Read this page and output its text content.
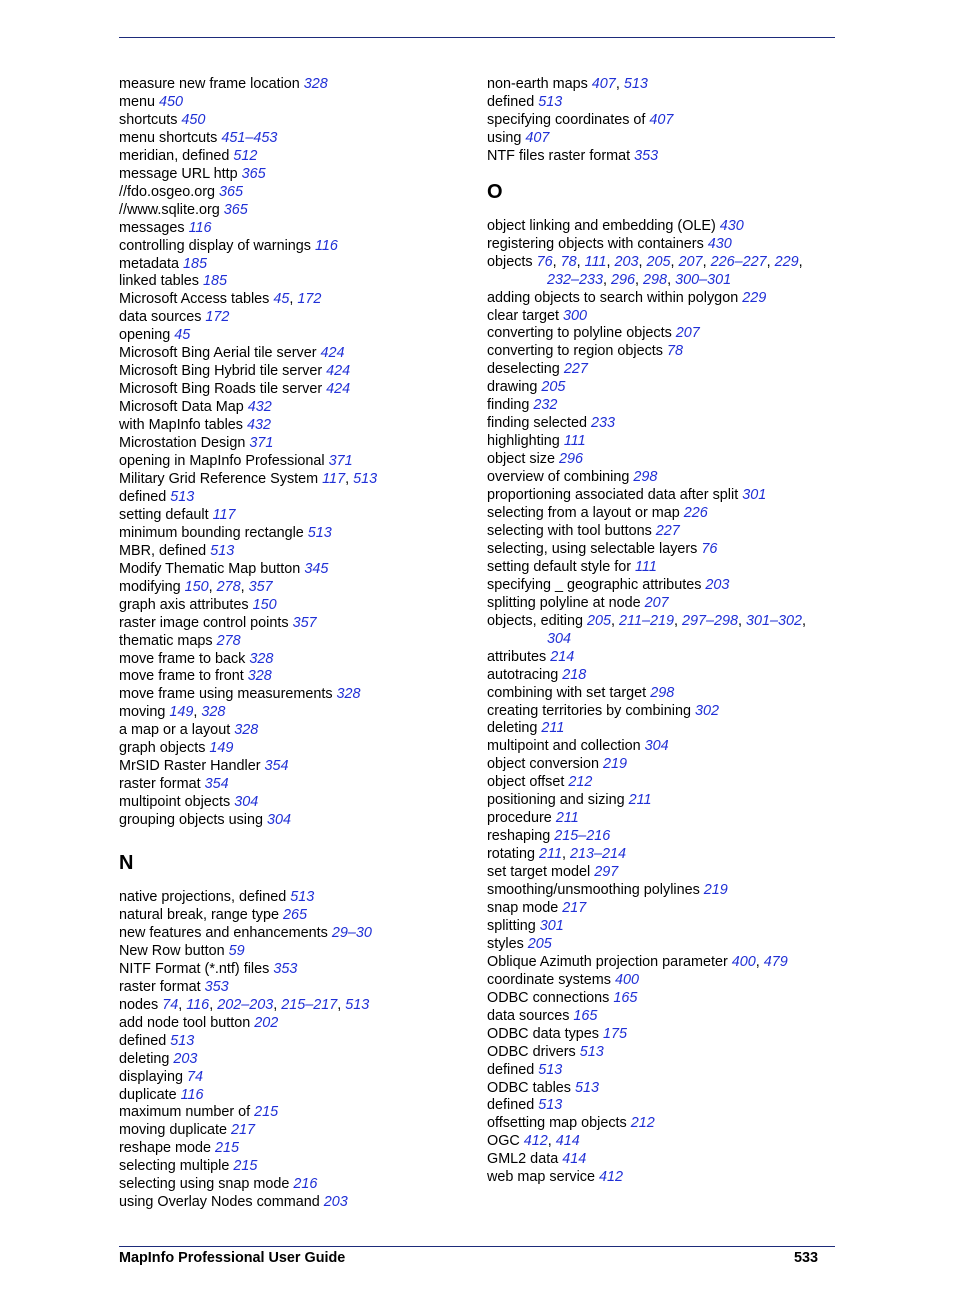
measure new frame location 328
menu 450
shortcuts 450
menu shortcuts 451–453
meridian, defined 512
message URL http 365
//fdo.osgeo.org 365
//www.sqlite.org 365
messages 116
controlling display of warnings 116
metadata 185
linked tables 185
Microsoft Access tables 45, 172
data sources 172
opening 45
Microsoft Bing Aerial tile server 424
Microsoft Bing Hybrid tile server 424
Microsoft Bing Roads tile server 424
Microsoft Data Map 432
with MapInfo tables 432
Microstation Design 371
opening in MapInfo Professional 371
Military Grid Reference System 117, 513
defined 513
setting default 117
minimum bounding rectangle 513
MBR, defined 513
Modify Thematic Map button 345
modifying 150, 278, 357
graph axis attributes 150
raster image control points 357
thematic maps 278
move frame to back 328
move frame to front 328
move frame using measurements 328
moving 149, 328
a map or a layout 328
graph objects 149
MrSID Raster Handler 354
raster format 354
multipoint objects 304
grouping objects using 304
N
native projections, defined 513
natural break, range type 265
new features and enhancements 29–30
New Row button 59
NITF Format (*.ntf) files 353
raster format 353
nodes 74, 116, 202–203, 215–217, 513
add node tool button 202
defined 513
deleting 203
displaying 74
duplicate 116
maximum number of 215
moving duplicate 217
reshape mode 215
selecting multiple 215
selecting using snap mode 216
using Overlay Nodes command 203
non-earth maps 407, 513
defined 513
specifying coordinates of 407
using 407
NTF files raster format 353
O
object linking and embedding (OLE) 430
registering objects with containers 430
objects 76, 78, 111, 203, 205, 207, 226–227, 229,
232–233, 296, 298, 300–301
adding objects to search within polygon 229
clear target 300
converting to polyline objects 207
converting to region objects 78
deselecting 227
drawing 205
finding 232
finding selected 233
highlighting 111
object size 296
overview of combining 298
proportioning associated data after split 301
selecting from a layout or map 226
selecting with tool buttons 227
selecting, using selectable layers 76
setting default style for 111
specifying _ geographic attributes 203
splitting polyline at node 207
objects, editing 205, 211–219, 297–298, 301–302,
304
attributes 214
autotracing 218
combining with set target 298
creating territories by combining 302
deleting 211
multipoint and collection 304
object conversion 219
object offset 212
positioning and sizing 211
procedure 211
reshaping 215–216
rotating 211, 213–214
set target model 297
smoothing/unsmoothing polylines 219
snap mode 217
splitting 301
styles 205
Oblique Azimuth projection parameter 400, 479
coordinate systems 400
ODBC connections 165
data sources 165
ODBC data types 175
ODBC drivers 513
defined 513
ODBC tables 513
defined 513
offsetting map objects 212
OGC 412, 414
GML2 data 414
web map service 412
MapInfo Professional User Guide	533
